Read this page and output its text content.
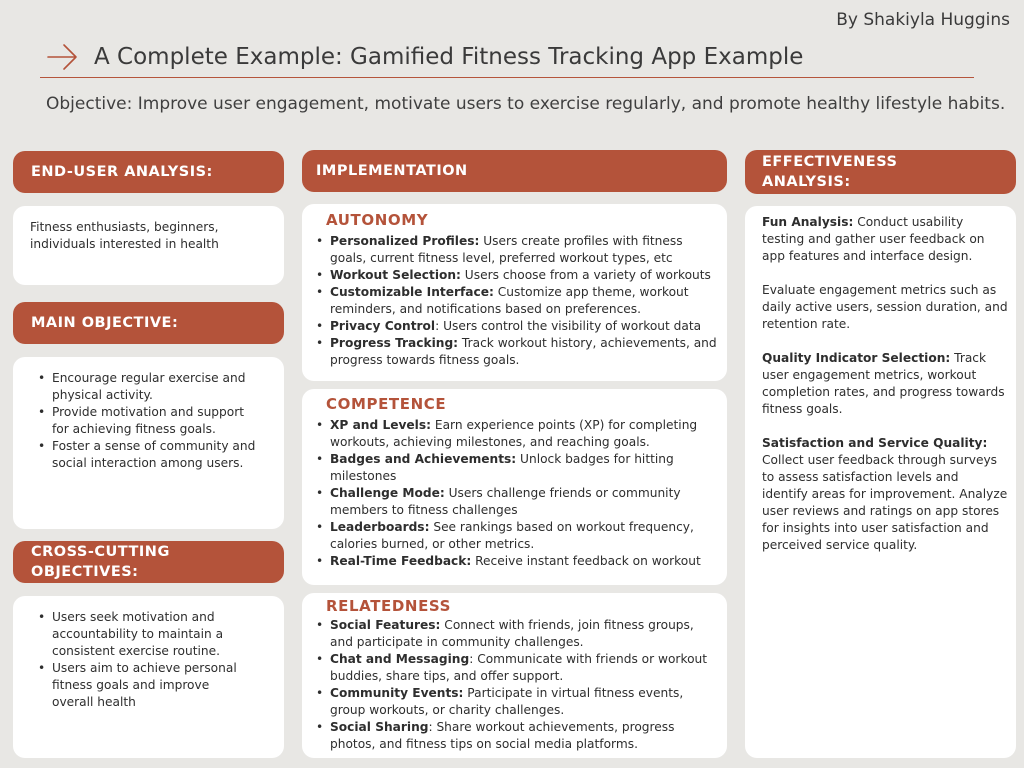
By Shakiyla Huggins
A Complete Example: Gamified Fitness Tracking App Example
Objective: Improve user engagement, motivate users to exercise regularly, and promote healthy lifestyle habits.
END-USER ANALYSIS:
Fitness enthusiasts, beginners, individuals interested in health
MAIN OBJECTIVE:
• Encourage regular exercise and physical activity.
• Provide motivation and support for achieving fitness goals.
• Foster a sense of community and social interaction among users.
CROSS-CUTTING OBJECTIVES:
• Users seek motivation and accountability to maintain a consistent exercise routine.
• Users aim to achieve personal fitness goals and improve overall health
IMPLEMENTATION
AUTONOMY
• Personalized Profiles: Users create profiles with fitness goals, current fitness level, preferred workout types, etc
• Workout Selection: Users choose from a variety of workouts
• Customizable Interface: Customize app theme, workout reminders, and notifications based on preferences.
• Privacy Control: Users control the visibility of workout data
• Progress Tracking: Track workout history, achievements, and progress towards fitness goals.
COMPETENCE
• XP and Levels: Earn experience points (XP) for completing workouts, achieving milestones, and reaching goals.
• Badges and Achievements: Unlock badges for hitting milestones
• Challenge Mode: Users challenge friends or community members to fitness challenges
• Leaderboards: See rankings based on workout frequency, calories burned, or other metrics.
• Real-Time Feedback: Receive instant feedback on workout
RELATEDNESS
• Social Features: Connect with friends, join fitness groups, and participate in community challenges.
• Chat and Messaging: Communicate with friends or workout buddies, share tips, and offer support.
• Community Events: Participate in virtual fitness events, group workouts, or charity challenges.
• Social Sharing: Share workout achievements, progress photos, and fitness tips on social media platforms.
EFFECTIVENESS ANALYSIS:

Fun Analysis: Conduct usability testing and gather user feedback on app features and interface design.

Evaluate engagement metrics such as daily active users, session duration, and retention rate.

Quality Indicator Selection: Track user engagement metrics, workout completion rates, and progress towards fitness goals.

Satisfaction and Service Quality: Collect user feedback through surveys to assess satisfaction levels and identify areas for improvement. Analyze user reviews and ratings on app stores for insights into user satisfaction and perceived service quality.
